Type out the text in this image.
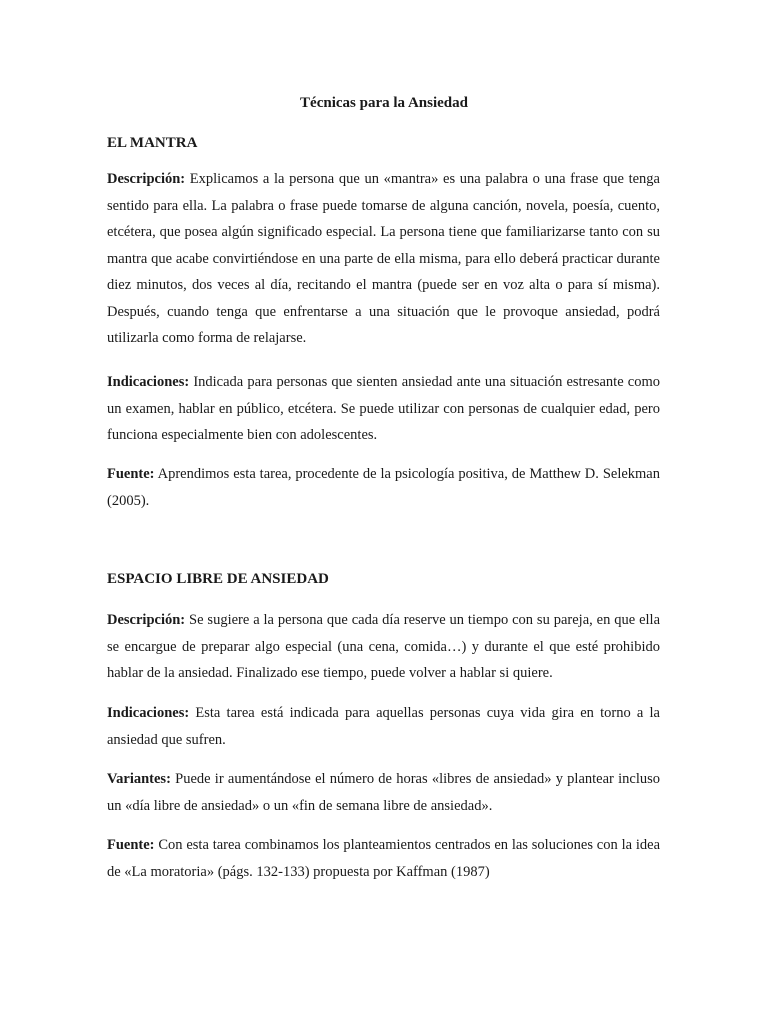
Técnicas para la Ansiedad
EL MANTRA
Descripción: Explicamos a la persona que un «mantra» es una palabra o una frase que tenga sentido para ella. La palabra o frase puede tomarse de alguna canción, novela, poesía, cuento, etcétera, que posea algún significado especial. La persona tiene que familiarizarse tanto con su mantra que acabe convirtiéndose en una parte de ella misma, para ello deberá practicar durante diez minutos, dos veces al día, recitando el mantra (puede ser en voz alta o para sí misma). Después, cuando tenga que enfrentarse a una situación que le provoque ansiedad, podrá utilizarla como forma de relajarse.
Indicaciones: Indicada para personas que sienten ansiedad ante una situación estresante como un examen, hablar en público, etcétera. Se puede utilizar con personas de cualquier edad, pero funciona especialmente bien con adolescentes.
Fuente: Aprendimos esta tarea, procedente de la psicología positiva, de Matthew D. Selekman (2005).
ESPACIO LIBRE DE ANSIEDAD
Descripción: Se sugiere a la persona que cada día reserve un tiempo con su pareja, en que ella se encargue de preparar algo especial (una cena, comida…) y durante el que esté prohibido hablar de la ansiedad. Finalizado ese tiempo, puede volver a hablar si quiere.
Indicaciones: Esta tarea está indicada para aquellas personas cuya vida gira en torno a la ansiedad que sufren.
Variantes: Puede ir aumentándose el número de horas «libres de ansiedad» y plantear incluso un «día libre de ansiedad» o un «fin de semana libre de ansiedad».
Fuente: Con esta tarea combinamos los planteamientos centrados en las soluciones con la idea de «La moratoria» (págs. 132-133) propuesta por Kaffman (1987)
